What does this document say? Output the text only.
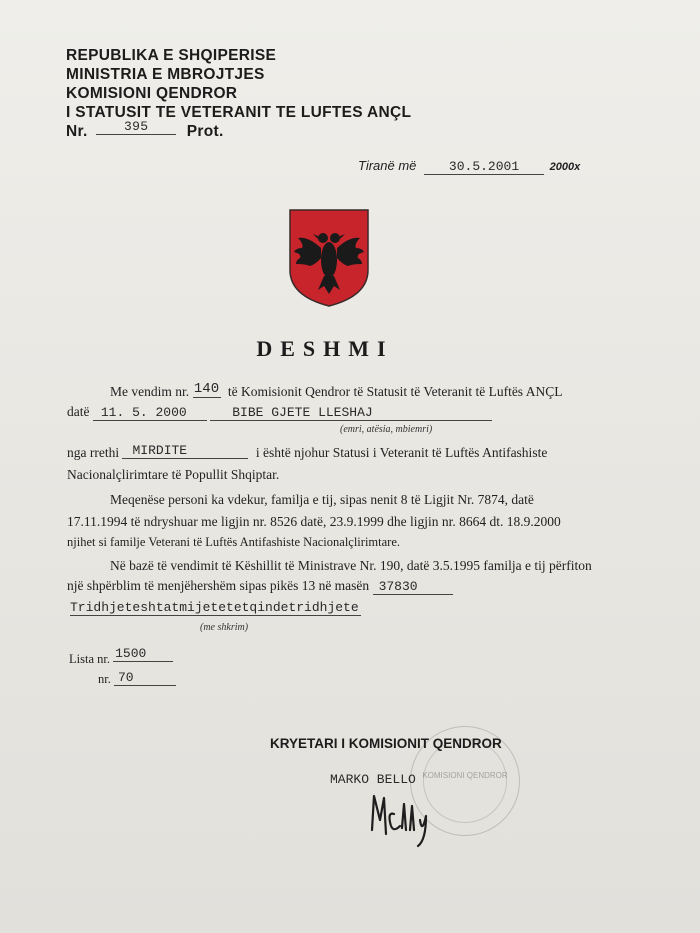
REPUBLIKA E SHQIPERISE
MINISTRIA E MBROJTJES
KOMISIONI QENDROR
I STATUSIT TE VETERANIT TE LUFTES ANÇL
Nr.	395 Prot.
Tiranë më	30.5.2001	2000x
DESHMI
Me vendim nr. 140 të Komisionit Qendror të Statusit të Veteranit të Luftës ANÇL
datë 11. 5. 2000	BIBE GJETE LLESHAJ
(emri, atësia, mbiemri)
nga rrethi MIRDITE	i është njohur Statusi i Veteranit të Luftës Antifashiste
Nacionalçlirimtare të Popullit Shqiptar.
Meqenëse personi ka vdekur, familja e tij, sipas nenit 8 të Ligjit Nr. 7874, datë
17.11.1994 të ndryshuar me ligjin nr. 8526 datë, 23.9.1999 dhe ligjin nr. 8664 dt. 18.9.2000
njihet si familje Veterani të Luftës Antifashiste Nacionalçlirimtare.
Në bazë të vendimit të Këshillit të Ministrave Nr. 190, datë 3.5.1995 familja e tij përfiton
një shpërblim të menjëhershëm sipas pikës 13 në masën 37830
Tridhjeteshtatmijetetetqindetridhjete
(me shkrim)
Lista nr. 1500
nr. 70
KOMISIONI QENDROR
KRYETARI I KOMISIONIT QENDROR
MARKO BELLO
